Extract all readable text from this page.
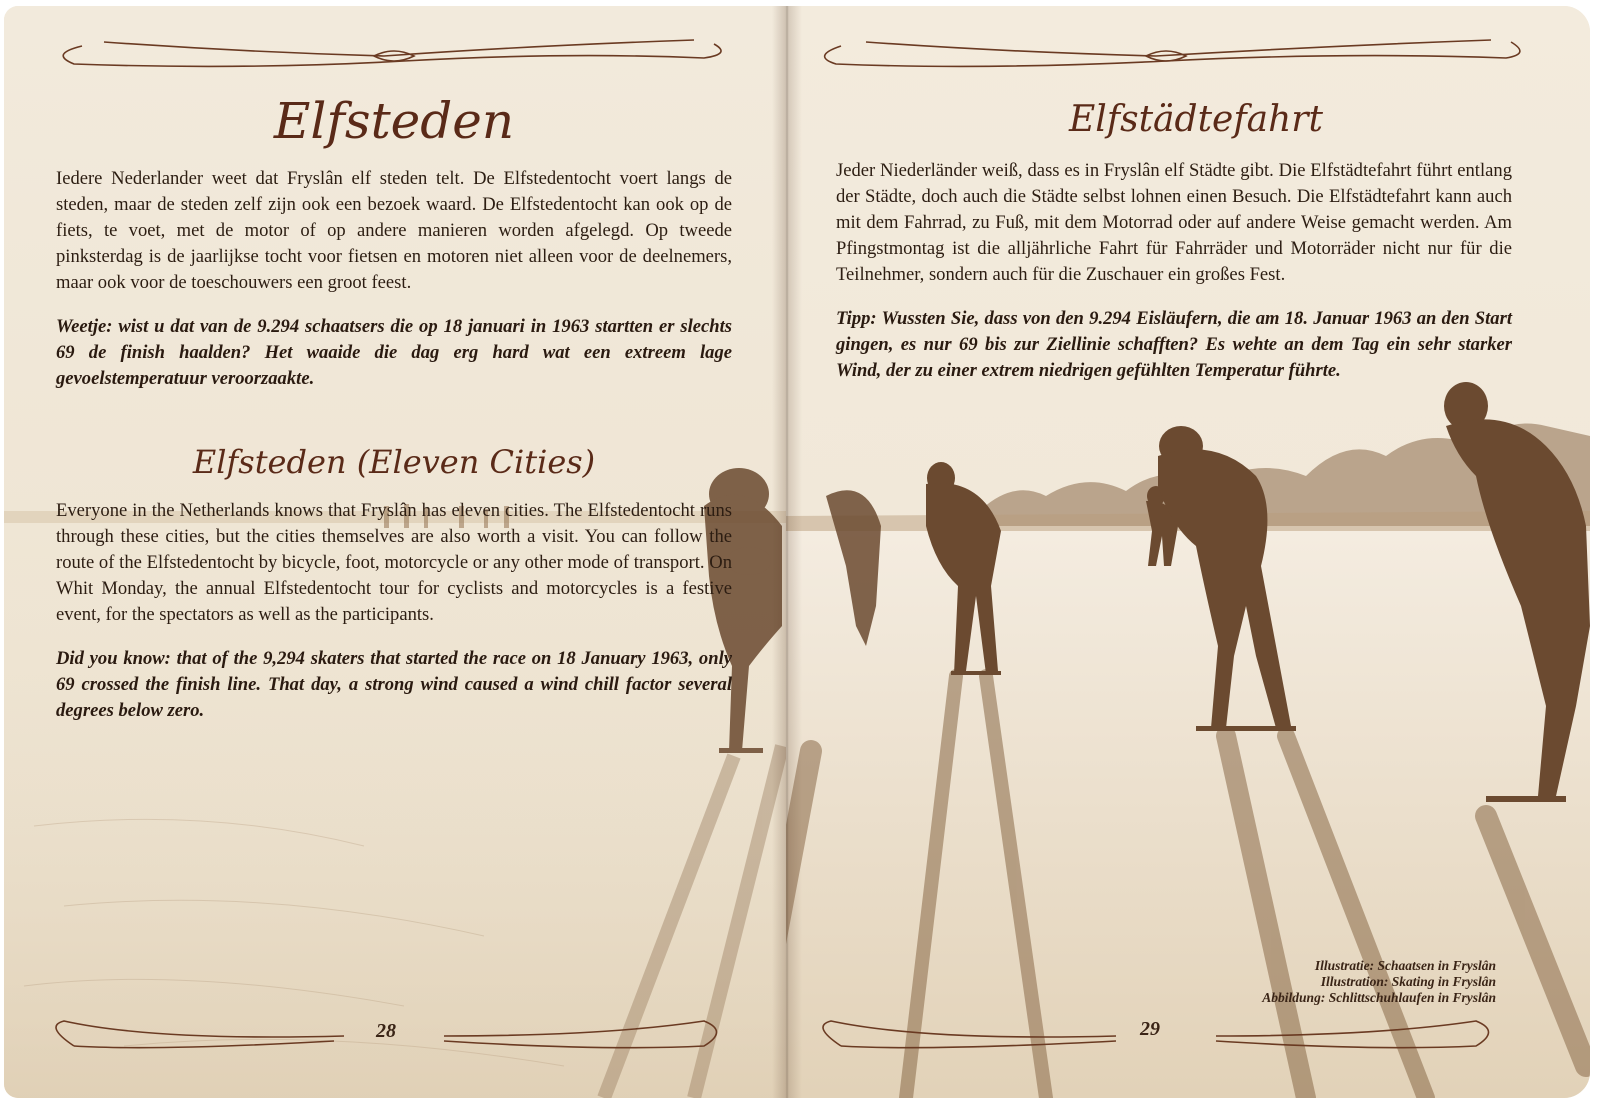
Elfsteden

Iedere Nederlander weet dat Fryslân elf steden telt. De Elfstedentocht voert langs de steden, maar de steden zelf zijn ook een bezoek waard. De Elfstedentocht kan ook op de fiets, te voet, met de motor of op andere manieren worden afgelegd. Op tweede pinksterdag is de jaarlijkse tocht voor fietsen en motoren niet alleen voor de deelnemers, maar ook voor de toeschouwers een groot feest.

Weetje: wist u dat van de 9.294 schaatsers die op 18 januari in 1963 startten er slechts 69 de finish haalden? Het waaide die dag erg hard wat een extreem lage gevoelstemperatuur veroorzaakte.

Elfsteden (Eleven Cities)

Everyone in the Netherlands knows that Fryslân has eleven cities. The Elfstedentocht runs through these cities, but the cities themselves are also worth a visit. You can follow the route of the Elfstedentocht by bicycle, foot, motorcycle or any other mode of transport. On Whit Monday, the annual Elfstedentocht tour for cyclists and motorcycles is a festive event, for the spectators as well as the participants.

Did you know: that of the 9,294 skaters that started the race on 18 January 1963, only 69 crossed the finish line. That day, a strong wind caused a wind chill factor several degrees below zero.

28
Elfstädtefahrt

Jeder Niederländer weiß, dass es in Fryslân elf Städte gibt. Die Elfstädtefahrt führt entlang der Städte, doch auch die Städte selbst lohnen einen Besuch. Die Elfstädtefahrt kann auch mit dem Fahrrad, zu Fuß, mit dem Motorrad oder auf andere Weise gemacht werden. Am Pfingstmontag ist die alljährliche Fahrt für Fahrräder und Motorräder nicht nur für die Teilnehmer, sondern auch für die Zuschauer ein großes Fest.

Tipp: Wussten Sie, dass von den 9.294 Eisläufern, die am 18. Januar 1963 an den Start gingen, es nur 69 bis zur Ziellinie schafften? Es wehte an dem Tag ein sehr starker Wind, der zu einer extrem niedrigen gefühlten Temperatur führte.

Illustratie: Schaatsen in Fryslân
Illustration: Skating in Fryslân
Abbildung: Schlittschuhlaufen in Fryslân
29
